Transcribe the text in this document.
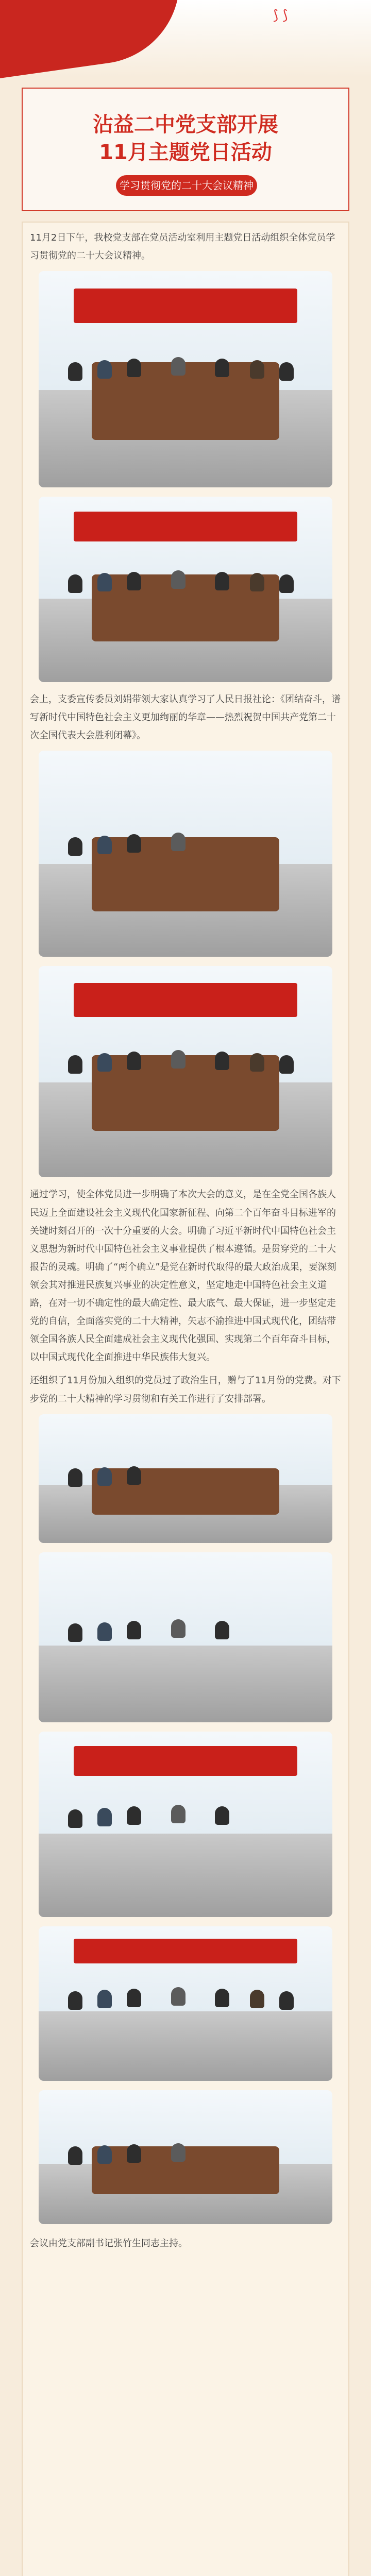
⟆ ⟆
沾益二中党支部开展
11月主题党日活动
学习贯彻党的二十大会议精神

11月2日下午，我校党支部在党员活动室利用主题党日活动组织全体党员学习贯彻党的二十大会议精神。

会上，支委宣传委员刘娟带领大家认真学习了人民日报社论：《团结奋斗，谱写新时代中国特色社会主义更加绚丽的华章——热烈祝贺中国共产党第二十次全国代表大会胜利闭幕》。

通过学习，使全体党员进一步明确了本次大会的意义，是在全党全国各族人民迈上全面建设社会主义现代化国家新征程、向第二个百年奋斗目标进军的关键时刻召开的一次十分重要的大会。明确了习近平新时代中国特色社会主义思想为新时代中国特色社会主义事业提供了根本遵循。是贯穿党的二十大报告的灵魂。明确了“两个确立”是党在新时代取得的最大政治成果，要深刻领会其对推进民族复兴事业的决定性意义，坚定地走中国特色社会主义道路，在对一切不确定性的最大确定性、最大底气、最大保证，进一步坚定走党的自信，全面落实党的二十大精神，矢志不渝推进中国式现代化，团结带领全国各族人民全面建成社会主义现代化强国、实现第二个百年奋斗目标，以中国式现代化全面推进中华民族伟大复兴。

还组织了11月份加入组织的党员过了政治生日，赠与了11月份的党费。对下步党的二十大精神的学习贯彻和有关工作进行了安排部署。

会议由党支部副书记张竹生同志主持。
